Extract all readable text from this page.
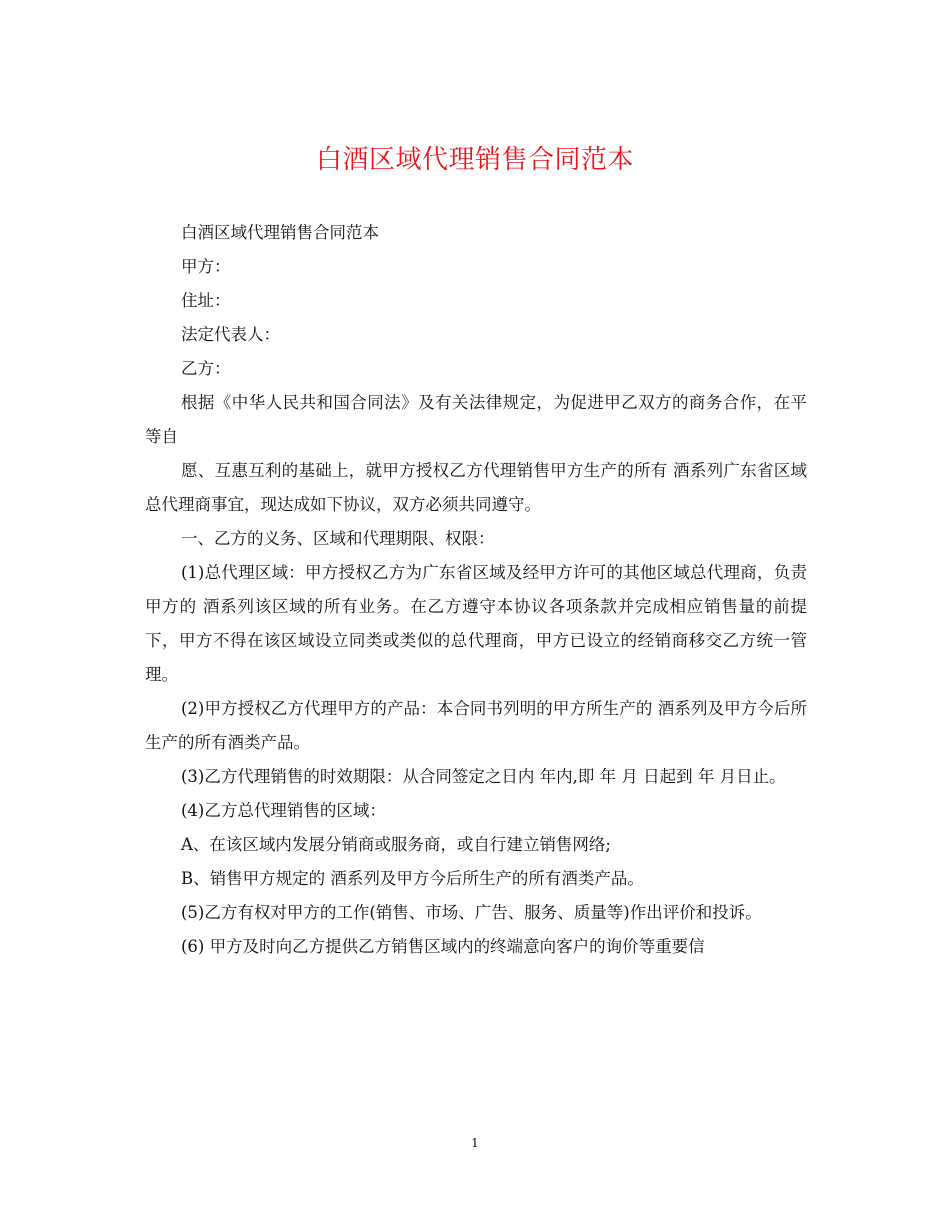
白酒区域代理销售合同范本

白酒区域代理销售合同范本

甲方：

住址：

法定代表人：

乙方：

根据《中华人民共和国合同法》及有关法律规定，为促进甲乙双方的商务合作，在平等自

愿、互惠互利的基础上，就甲方授权乙方代理销售甲方生产的所有 酒系列广东省区域总代理商事宜，现达成如下协议，双方必须共同遵守。

一、乙方的义务、区域和代理期限、权限：

(1)总代理区域：甲方授权乙方为广东省区域及经甲方许可的其他区域总代理商，负责甲方的 酒系列该区域的所有业务。在乙方遵守本协议各项条款并完成相应销售量的前提下，甲方不得在该区域设立同类或类似的总代理商，甲方已设立的经销商移交乙方统一管理。

(2)甲方授权乙方代理甲方的产品：本合同书列明的甲方所生产的 酒系列及甲方今后所生产的所有酒类产品。

(3)乙方代理销售的时效期限：从合同签定之日内 年内,即 年 月 日起到 年 月日止。

(4)乙方总代理销售的区域：

A、在该区域内发展分销商或服务商，或自行建立销售网络;

B、销售甲方规定的 酒系列及甲方今后所生产的所有酒类产品。

(5)乙方有权对甲方的工作(销售、市场、广告、服务、质量等)作出评价和投诉。

(6) 甲方及时向乙方提供乙方销售区域内的终端意向客户的询价等重要信

1
